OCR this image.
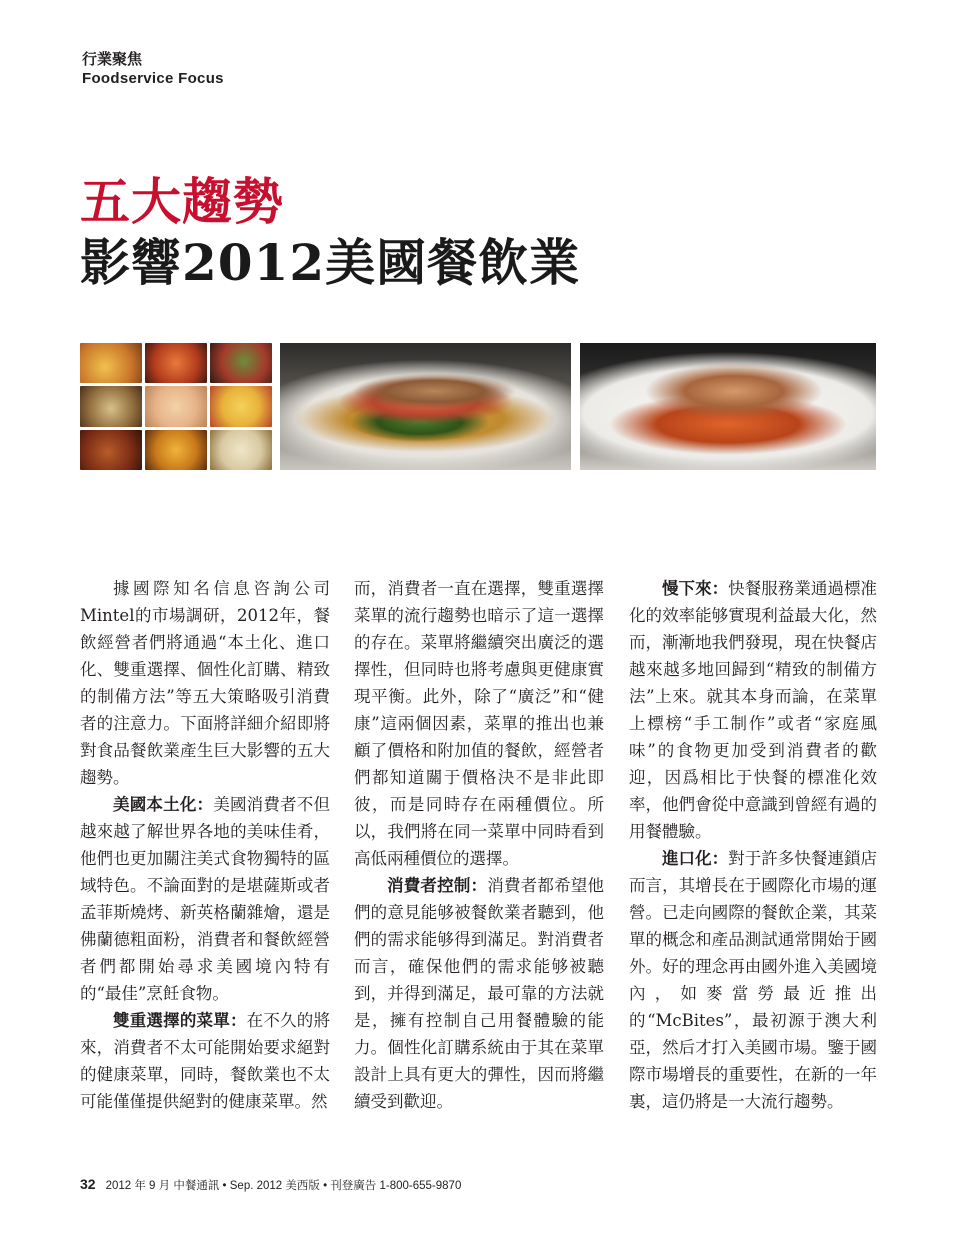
行業聚焦
Foodservice Focus
五大趨勢
影響2012美國餐飲業

據國際知名信息咨詢公司Mintel的市場調研，2012年，餐飲經營者們將通過“本土化、進口化、雙重選擇、個性化訂購、精致的制備方法”等五大策略吸引消費者的注意力。下面將詳細介紹即將對食品餐飲業產生巨大影響的五大趨勢。

美國本土化：美國消費者不但越來越了解世界各地的美味佳肴，他們也更加關注美式食物獨特的區域特色。不論面對的是堪薩斯或者孟菲斯燒烤、新英格蘭雜燴，還是佛蘭德粗面粉，消費者和餐飲經營者們都開始尋求美國境內特有的“最佳”烹飪食物。

雙重選擇的菜單：在不久的將來，消費者不太可能開始要求絕對的健康菜單，同時，餐飲業也不太可能僅僅提供絕對的健康菜單。然

而，消費者一直在選擇，雙重選擇菜單的流行趨勢也暗示了這一選擇的存在。菜單將繼續突出廣泛的選擇性，但同時也將考慮與更健康實現平衡。此外，除了“廣泛”和“健康”這兩個因素，菜單的推出也兼顧了價格和附加值的餐飲，經營者們都知道關于價格決不是非此即彼，而是同時存在兩種價位。所以，我們將在同一菜單中同時看到高低兩種價位的選擇。

消費者控制：消費者都希望他們的意見能够被餐飲業者聽到，他們的需求能够得到滿足。對消費者而言，確保他們的需求能够被聽到，并得到滿足，最可靠的方法就是，擁有控制自己用餐體驗的能力。個性化訂購系統由于其在菜單設計上具有更大的彈性，因而將繼續受到歡迎。

慢下來：快餐服務業通過標准化的效率能够實現利益最大化，然而，漸漸地我們發現，現在快餐店越來越多地回歸到“精致的制備方法”上來。就其本身而論，在菜單上標榜“手工制作”或者“家庭風味”的食物更加受到消費者的歡迎，因爲相比于快餐的標准化效率，他們會從中意識到曾經有過的用餐體驗。

進口化：對于許多快餐連鎖店而言，其增長在于國際化市場的運營。已走向國際的餐飲企業，其菜單的概念和產品測試通常開始于國外。好的理念再由國外進入美國境內，如麥當勞最近推出的“McBites”，最初源于澳大利亞，然后才打入美國市場。鑒于國際市場增長的重要性，在新的一年裏，這仍將是一大流行趨勢。

32 2012 年 9 月 中餐通訊 • Sep. 2012 美西版 • 刊登廣告 1-800-655-9870
